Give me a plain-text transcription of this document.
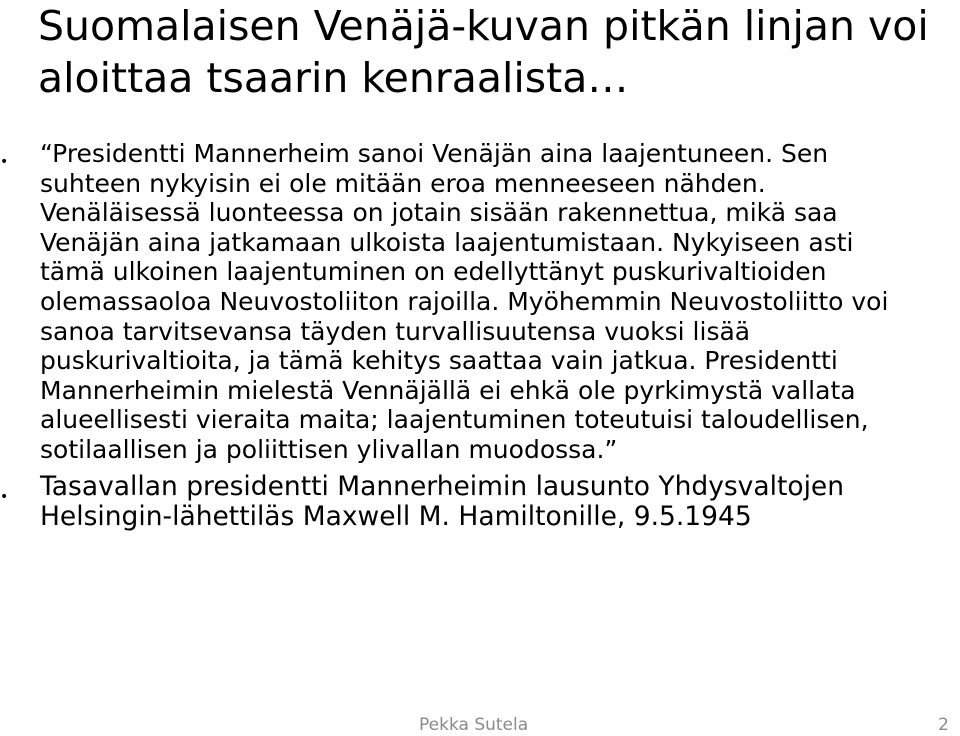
Suomalaisen Venäjä-kuvan pitkän linjan voi aloittaa tsaarin kenraalista…
• “Presidentti Mannerheim sanoi Venäjän aina laajentuneen. Sen suhteen nykyisin ei ole mitään eroa menneeseen nähden. Venäläisessä luonteessa on jotain sisään rakennettua, mikä saa Venäjän aina jatkamaan ulkoista laajentumistaan. Nykyiseen asti tämä ulkoinen laajentuminen on edellyttänyt puskurivaltioiden olemassaoloa Neuvostoliiton rajoilla. Myöhemmin Neuvostoliitto voi sanoa tarvitsevansa täyden turvallisuutensa vuoksi lisää puskurivaltioita, ja tämä kehitys saattaa vain jatkua. Presidentti Mannerheimin mielestä Vennäjällä ei ehkä ole pyrkimystä vallata alueellisesti vieraita maita; laajentuminen toteutuisi taloudellisen, sotilaallisen ja poliittisen ylivallan muodossa.”
• Tasavallan presidentti Mannerheimin lausunto Yhdysvaltojen Helsingin-lähettiläs Maxwell M. Hamiltonille, 9.5.1945
Pekka Sutela	2
